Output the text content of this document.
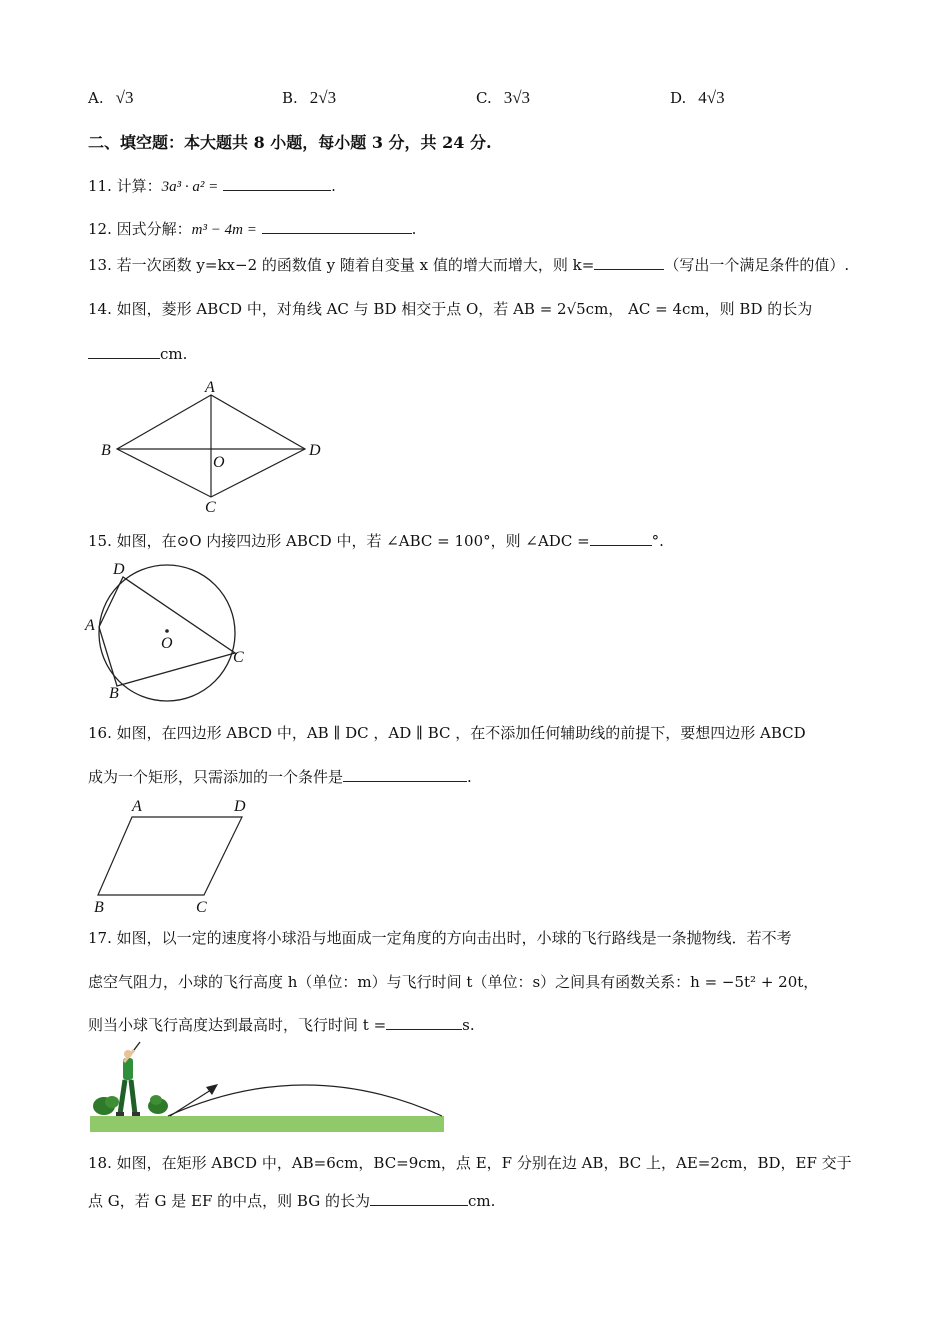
A. √3	B. 2√3	C. 3√3	D. 4√3
二、填空题：本大题共 8 小题，每小题 3 分，共 24 分.
11. 计算：3a³ · a² =	.
12. 因式分解：m³ − 4m =	.
13. 若一次函数 y=kx−2 的函数值 y 随着自变量 x 值的增大而增大，则 k=	（写出一个满足条件的值）.
14. 如图，菱形 ABCD 中，对角线 AC 与 BD 相交于点 O，若 AB = 2√5cm， AC = 4cm，则 BD 的长为
cm.
A
B
C
D
O
15. 如图，在⊙O 内接四边形 ABCD 中，若 ∠ABC = 100°，则 ∠ADC =	°.
D
A
B
C
O
16. 如图，在四边形 ABCD 中，AB ∥ DC ，AD ∥ BC ，在不添加任何辅助线的前提下，要想四边形 ABCD
成为一个矩形，只需添加的一个条件是	.
A	D
B	C
17. 如图，以一定的速度将小球沿与地面成一定角度的方向击出时，小球的飞行路线是一条抛物线．若不考
虑空气阻力，小球的飞行高度 h（单位：m）与飞行时间 t（单位：s）之间具有函数关系：h = −5t² + 20t，
则当小球飞行高度达到最高时，飞行时间 t =	s.
18. 如图，在矩形 ABCD 中，AB=6cm，BC=9cm，点 E，F 分别在边 AB，BC 上，AE=2cm，BD，EF 交于
点 G，若 G 是 EF 的中点，则 BG 的长为	cm.
